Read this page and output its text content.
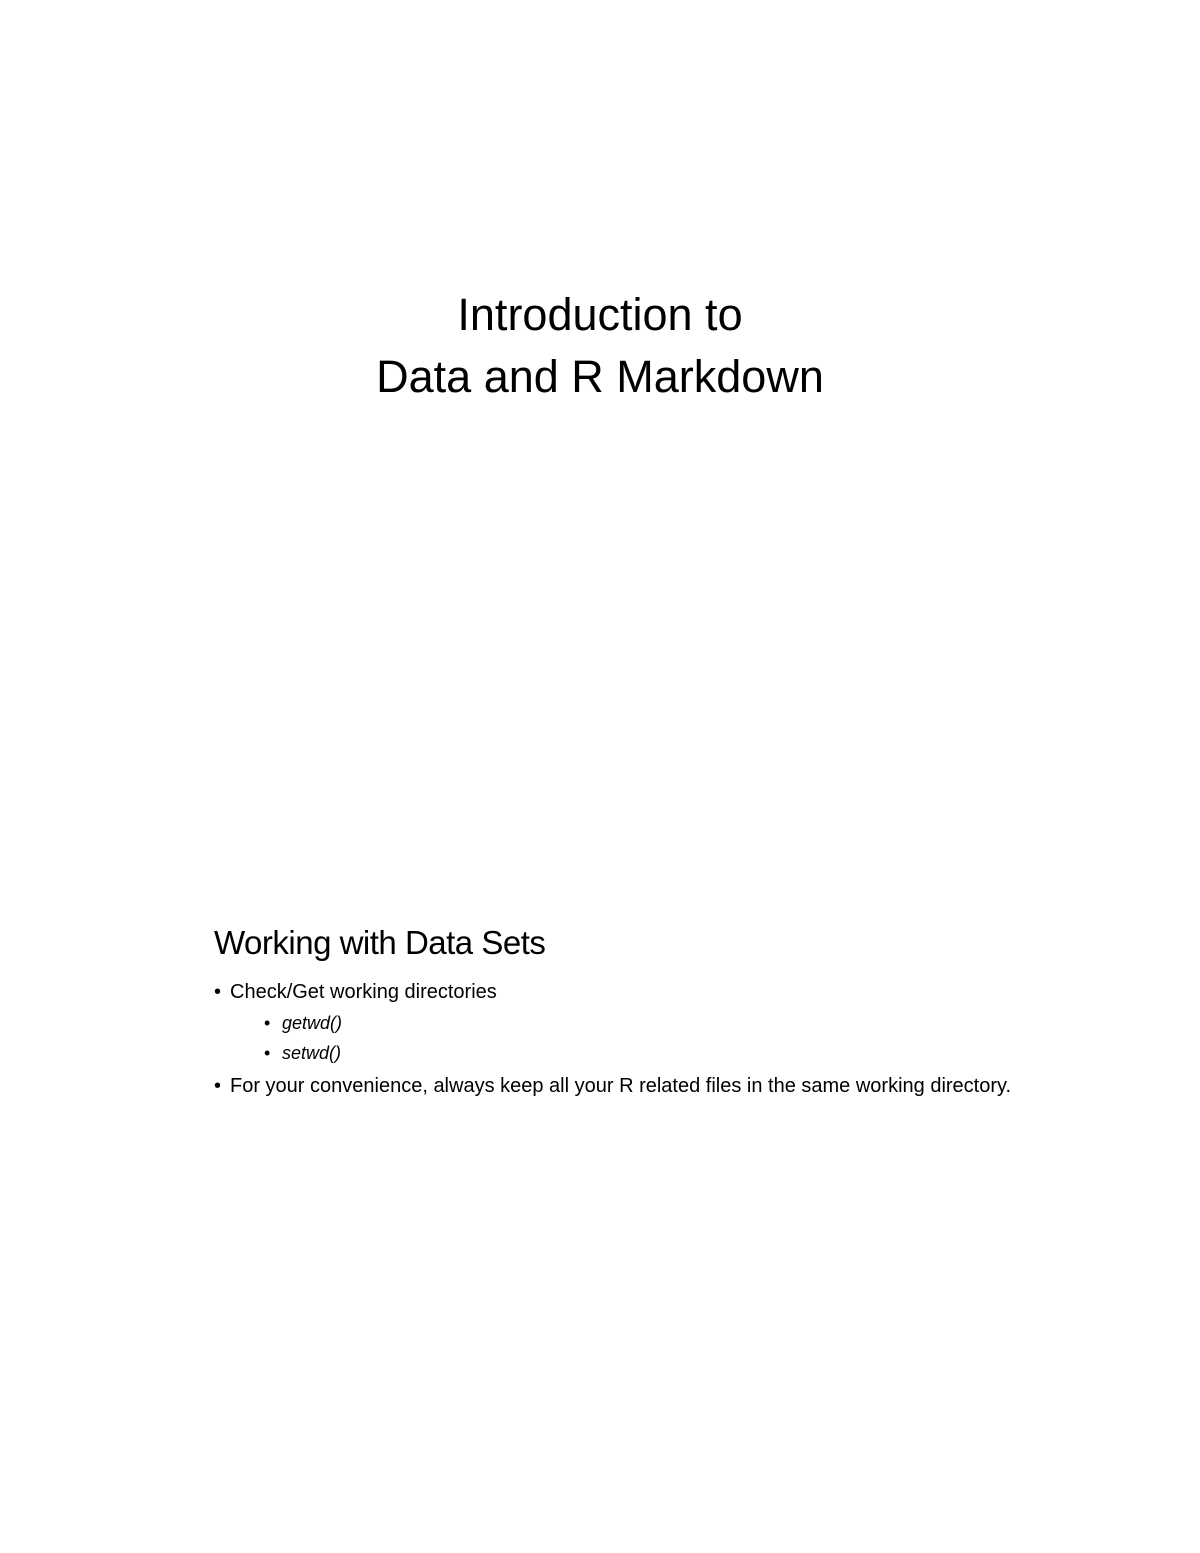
Introduction to
Data and R Markdown
Working with Data Sets
• Check/Get working directories
• getwd()
• setwd()
• For your convenience, always keep all your R related files in the same working directory.
